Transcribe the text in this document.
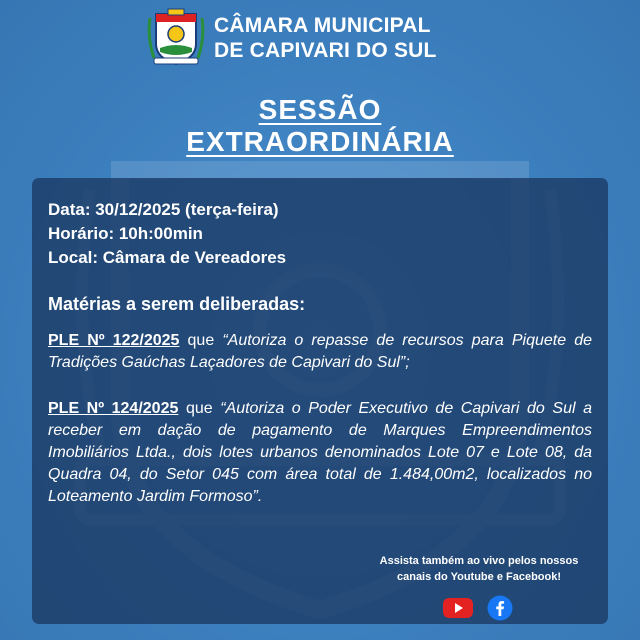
CÂMARA MUNICIPAL
DE CAPIVARI DO SUL
SESSÃO
EXTRAORDINÁRIA
Data: 30/12/2025 (terça-feira)
Horário: 10h:00min
Local: Câmara de Vereadores
Matérias a serem deliberadas:
PLE Nº 122/2025 que “Autoriza o repasse de recursos para Piquete de Tradições Gaúchas Laçadores de Capivari do Sul”;
PLE Nº 124/2025 que “Autoriza o Poder Executivo de Capivari do Sul a receber em dação de pagamento de Marques Empreendimentos Imobiliários Ltda., dois lotes urbanos denominados Lote 07 e Lote 08, da Quadra 04, do Setor 045 com área total de 1.484,00m2, localizados no Loteamento Jardim Formoso”.
Assista também ao vivo pelos nossos
canais do Youtube e Facebook!
